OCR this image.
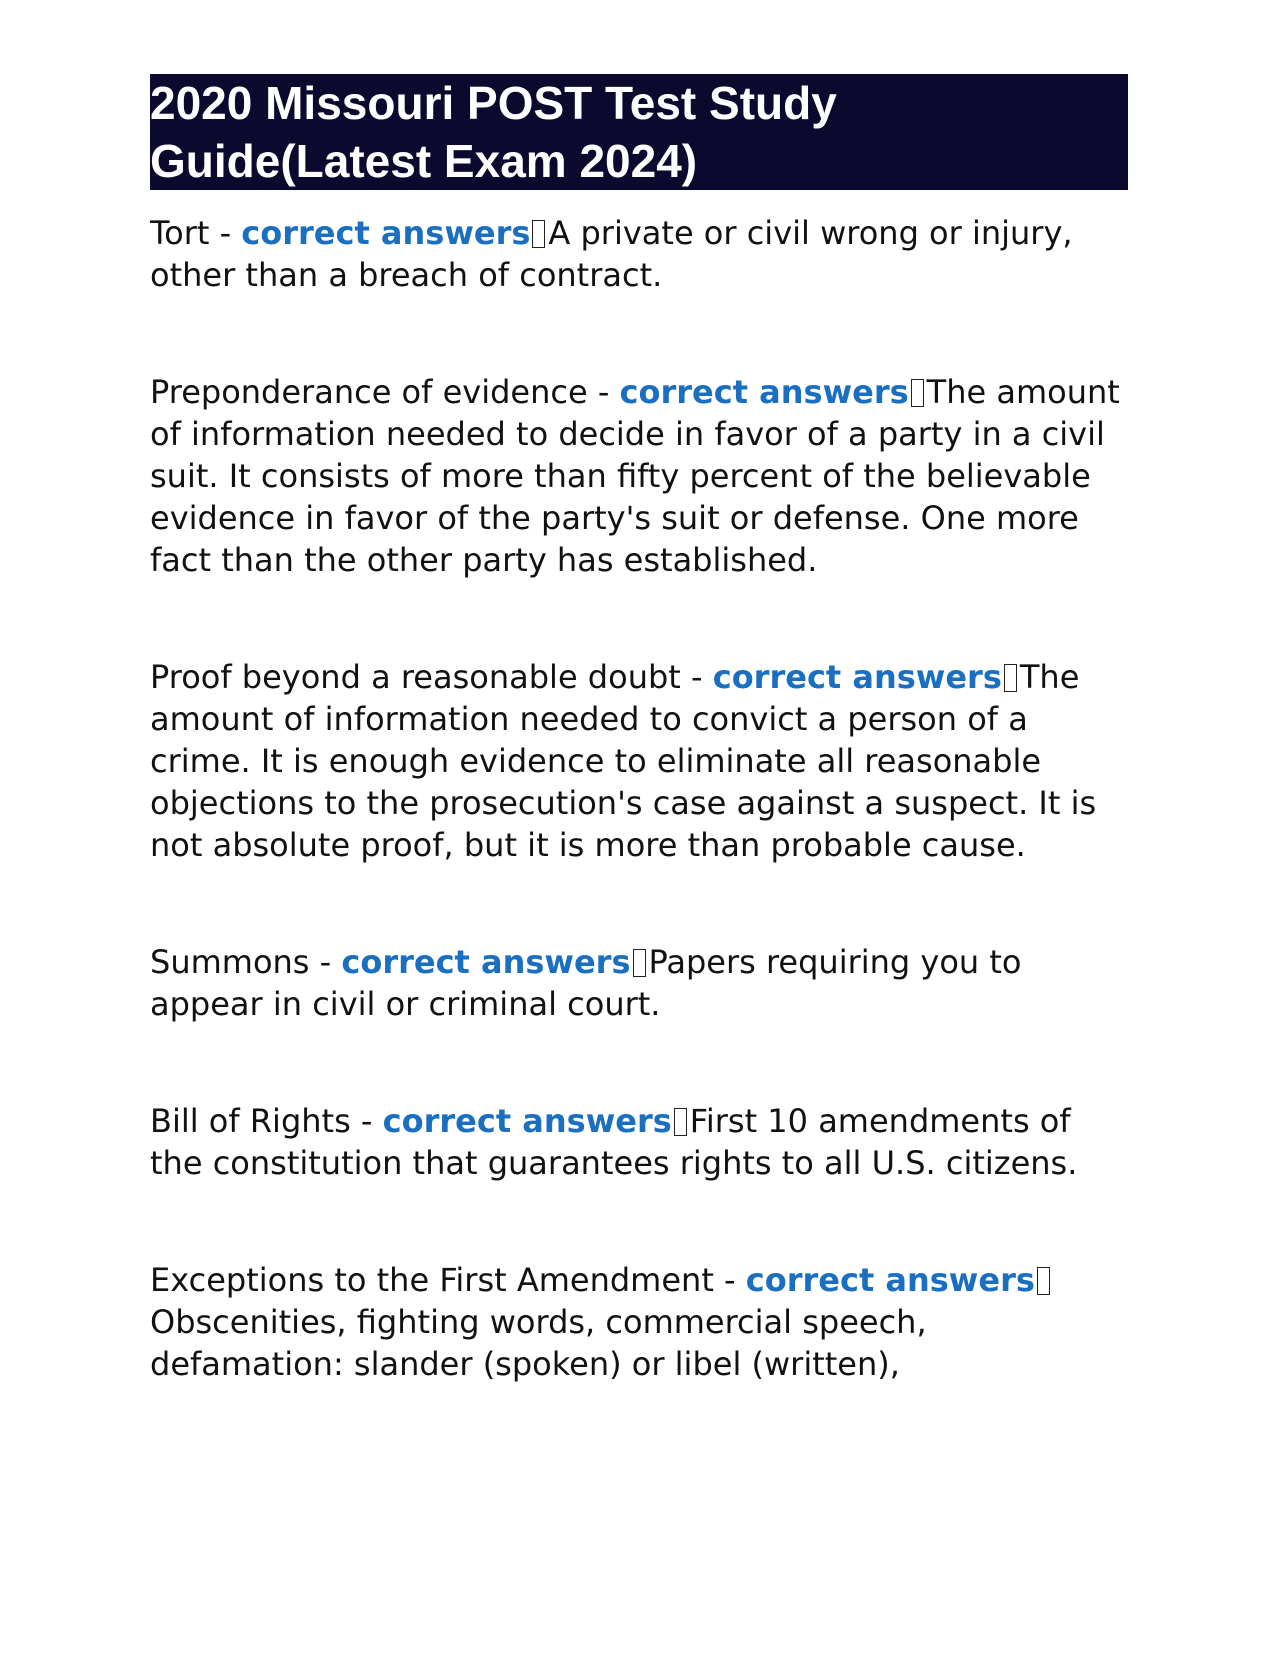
2020 Missouri POST Test Study Guide(Latest Exam 2024)
Tort - correct answers A private or civil wrong or injury, other than a breach of contract.
Preponderance of evidence - correct answers The amount of information needed to decide in favor of a party in a civil suit. It consists of more than fifty percent of the believable evidence in favor of the party's suit or defense. One more fact than the other party has established.
Proof beyond a reasonable doubt - correct answers The amount of information needed to convict a person of a crime. It is enough evidence to eliminate all reasonable objections to the prosecution's case against a suspect. It is not absolute proof, but it is more than probable cause.
Summons - correct answers Papers requiring you to appear in civil or criminal court.
Bill of Rights - correct answers First 10 amendments of the constitution that guarantees rights to all U.S. citizens.
Exceptions to the First Amendment - correct answersObscenities, fighting words, commercial speech, defamation: slander (spoken) or libel (written),
